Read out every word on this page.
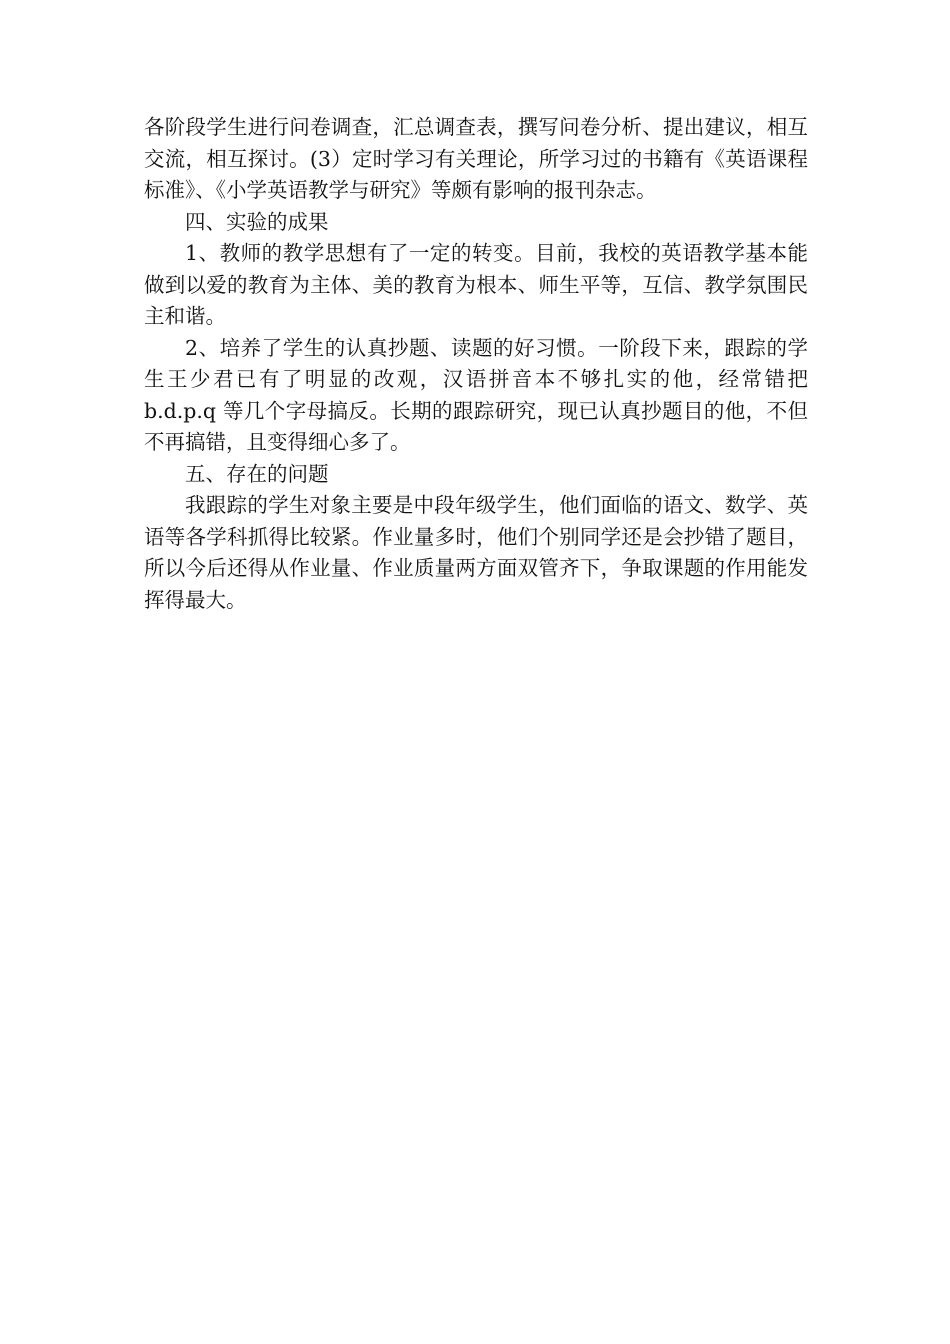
各阶段学生进行问卷调查，汇总调查表，撰写问卷分析、提出建议，相互交流，相互探讨。(3）定时学习有关理论，所学习过的书籍有《英语课程标准》、《小学英语教学与研究》等颇有影响的报刊杂志。

四、实验的成果

1、教师的教学思想有了一定的转变。目前，我校的英语教学基本能做到以爱的教育为主体、美的教育为根本、师生平等，互信、教学氛围民主和谐。

2、培养了学生的认真抄题、读题的好习惯。一阶段下来，跟踪的学生王少君已有了明显的改观，汉语拼音本不够扎实的他，经常错把b.d.p.q 等几个字母搞反。长期的跟踪研究，现已认真抄题目的他，不但不再搞错，且变得细心多了。

五、存在的问题

我跟踪的学生对象主要是中段年级学生，他们面临的语文、数学、英语等各学科抓得比较紧。作业量多时，他们个别同学还是会抄错了题目，所以今后还得从作业量、作业质量两方面双管齐下，争取课题的作用能发挥得最大。
